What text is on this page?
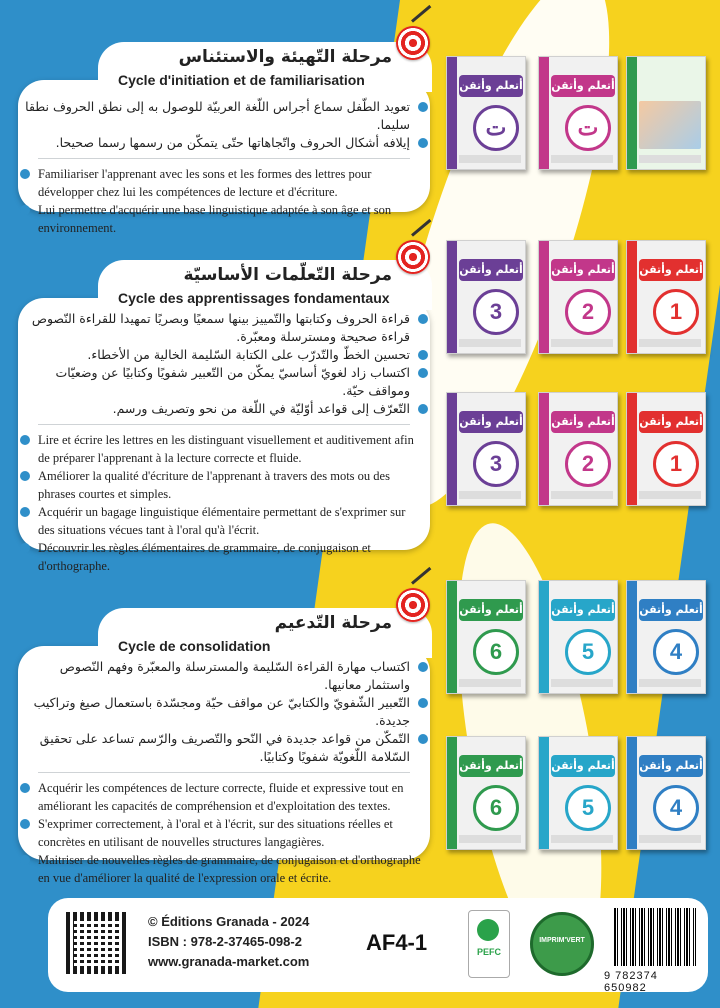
مرحلة التّهيئة والاستئناس
Cycle d'initiation et de familiarisation
تعويد الطّفل سماع أجراس اللّغة العربيّة للوصول به إلى نطق الحروف نطقا سليما.
إيلافه أشكال الحروف واتّجاهاتها حتّى يتمكّن من رسمها رسما صحيحا.
Familiariser l'apprenant avec les sons et les formes des lettres pour développer chez lui les compétences de lecture et d'écriture.
Lui permettre d'acquérir une base linguistique adaptée à son âge et son environnement.
مرحلة التّعلّمات الأساسيّة
Cycle des apprentissages fondamentaux
قراءة الحروف وكتابتها والتّمييز بينها سمعيًا وبصريًا تمهيدا للقراءة النّصوص قراءة صحيحة ومسترسلة ومعبّرة.
تحسين الخطّ والتّدرّب على الكتابة السّليمة الخالية من الأخطاء.
اكتساب زاد لغويّ أساسيّ يمكّن من التّعبير شفويًا وكتابيًا عن وضعيّات ومواقف حيّة.
التّعرّف إلى قواعد أوّليّة في اللّغة من نحو وتصريف ورسم.
Lire et écrire les lettres en les distinguant visuellement et auditivement afin de préparer l'apprenant à la lecture correcte et fluide.
Améliorer la qualité d'écriture de l'apprenant à travers des mots ou des phrases courtes et simples.
Acquérir un bagage linguistique élémentaire permettant de s'exprimer sur des situations vécues tant à l'oral qu'à l'écrit.
Découvrir les règles élémentaires de grammaire, de conjugaison et d'orthographe.
مرحلة التّدعيم
Cycle de consolidation
اكتساب مهارة القراءة السّليمة والمسترسلة والمعبّرة وفهم النّصوص واستثمار معانيها.
التّعبير الشّفويّ والكتابيّ عن مواقف حيّة ومجسّدة باستعمال صيغ وتراكيب جديدة.
التّمكّن من قواعد جديدة في النّحو والتّصريف والرّسم تساعد على تحقيق السّلامة اللّغويّة شفويًا وكتابيًا.
Acquérir les compétences de lecture correcte, fluide et expressive tout en améliorant les capacités de compréhension et d'exploitation des textes.
S'exprimer correctement, à l'oral et à l'écrit, sur des situations réelles et concrètes en utilisant de nouvelles structures langagières.
Maitriser de nouvelles règles de grammaire, de conjugaison et d'orthographe en vue d'améliorer la qualité de l'expression orale et écrite.
أتعلم وأتقن
ت
أتعلم وأتقن
ت
أتعلم وأتقن
3
أتعلم وأتقن
2
أتعلم وأتقن
1
أتعلم وأتقن
3
أتعلم وأتقن
2
أتعلم وأتقن
1
أتعلم وأتقن
6
أتعلم وأتقن
5
أتعلم وأتقن
4
أتعلم وأتقن
6
أتعلم وأتقن
5
أتعلم وأتقن
4
© Éditions Granada - 2024
ISBN : 978-2-37465-098-2
www.granada-market.com
AF4-1	PEFC
IMPRIM'VERT
9 782374 650982
